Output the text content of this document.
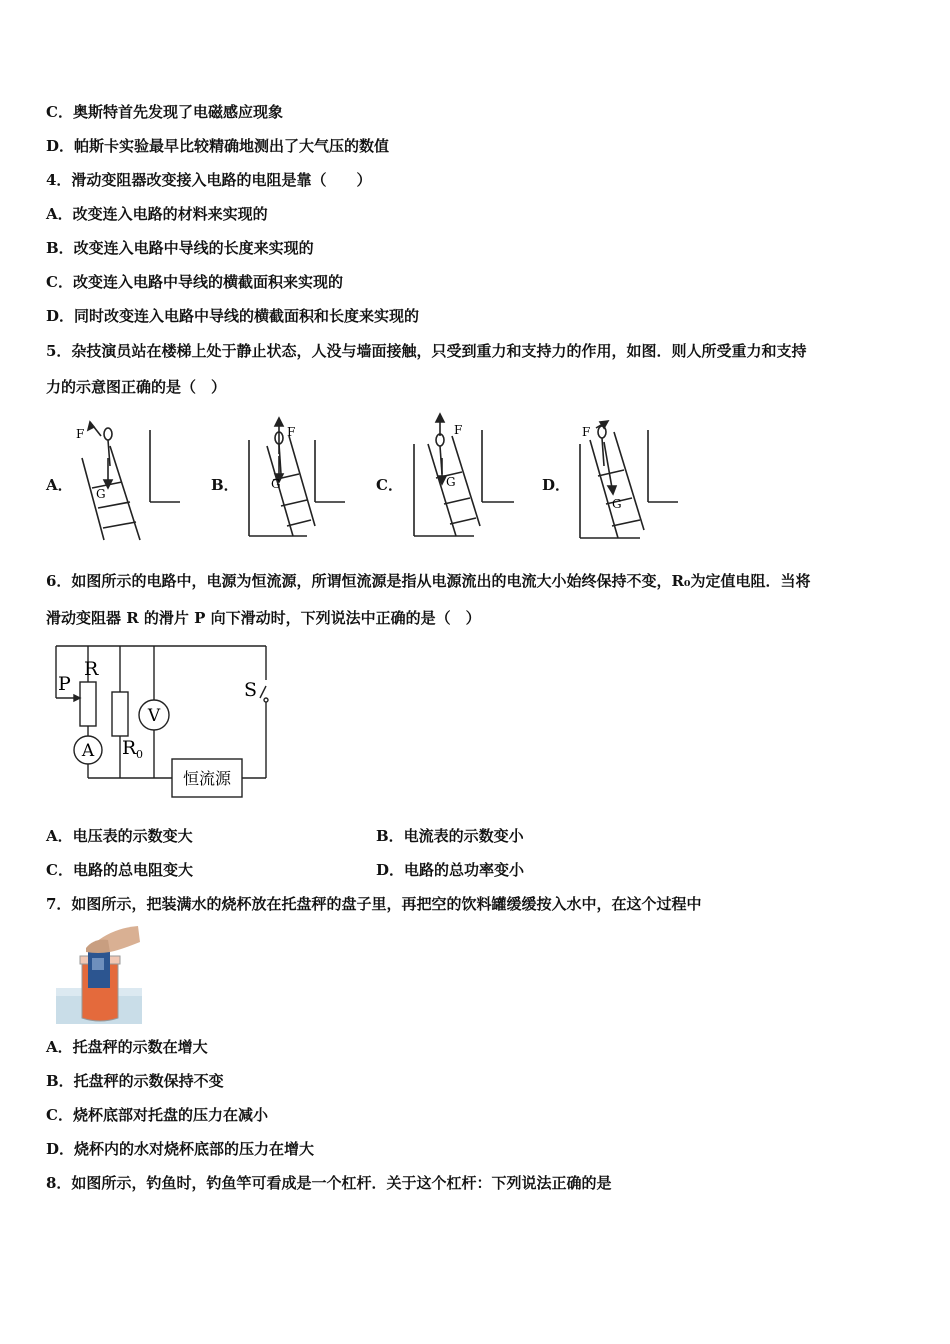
C．奥斯特首先发现了电磁感应现象
D．帕斯卡实验最早比较精确地测出了大气压的数值
4．滑动变阻器改变接入电路的电阻是靠（　　）
A．改变连入电路的材料来实现的
B．改变连入电路中导线的长度来实现的
C．改变连入电路中导线的横截面积来实现的
D．同时改变连入电路中导线的横截面积和长度来实现的
5．杂技演员站在楼梯上处于静止状态，人没与墙面接触，只受到重力和支持力的作用，如图．则人所受重力和支持
力的示意图正确的是（　）
A．	B．	C．	D．
F
G
F
G
F
G
F
G
6．如图所示的电路中，电源为恒流源，所谓恒流源是指从电源流出的电流大小始终保持不变，R₀为定值电阻．当将
滑动变阻器 R 的滑片 P 向下滑动时，下列说法中正确的是（　）
P
R
S
V
A R 0
恒流源
A．电压表的示数变大	B．电流表的示数变小
C．电路的总电阻变大	D．电路的总功率变小
7．如图所示，把装满水的烧杯放在托盘秤的盘子里，再把空的饮料罐缓缓按入水中，在这个过程中
A．托盘秤的示数在增大
B．托盘秤的示数保持不变
C．烧杯底部对托盘的压力在减小
D．烧杯内的水对烧杯底部的压力在增大
8．如图所示，钓鱼时，钓鱼竿可看成是一个杠杆．关于这个杠杆：下列说法正确的是
